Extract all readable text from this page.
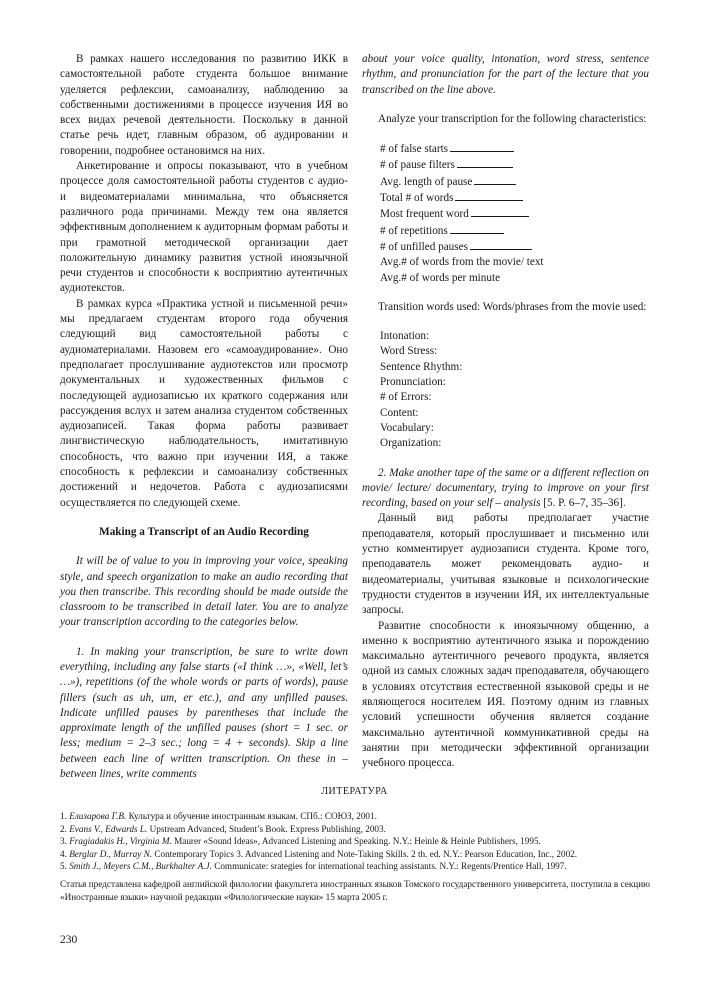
В рамках нашего исследования по развитию ИКК в самостоятельной работе студента большое внимание уделяется рефлексии, самоанализу, наблюдению за собственными достижениями в процессе изучения ИЯ во всех видах речевой деятельности. Поскольку в данной статье речь идет, главным образом, об аудировании и говорении, подробнее остановимся на них.

Анкетирование и опросы показывают, что в учебном процессе доля самостоятельной работы студентов с аудио- и видеоматериалами минимальна, что объясняется различного рода причинами. Между тем она является эффективным дополнением к аудиторным формам работы и при грамотной методической организации дает положительную динамику развития устной иноязычной речи студентов и способности к восприятию аутентичных аудиотекстов.

В рамках курса «Практика устной и письменной речи» мы предлагаем студентам второго года обучения следующий вид самостоятельной работы с аудиоматериалами. Назовем его «самоаудирование». Оно предполагает прослушивание аудиотекстов или просмотр документальных и художественных фильмов с последующей аудиозаписью их краткого содержания или рассуждения вслух и затем анализа студентом собственных аудиозаписей. Такая форма работы развивает лингвистическую наблюдательность, имитативную способность, что важно при изучении ИЯ, а также способность к рефлексии и самоанализу собственных достижений и недочетов. Работа с аудиозаписями осуществляется по следующей схеме.

Making a Transcript of an Audio Recording

It will be of value to you in improving your voice, speaking style, and speech organization to make an audio recording that you then transcribe. This recording should be made outside the classroom to be transcribed in detail later. You are to analyze your transcription according to the categories below.

1. In making your transcription, be sure to write down everything, including any false starts («I think …», «Well, let’s …»), repetitions (of the whole words or parts of words), pause fillers (such as uh, um, er etc.), and any unfilled pauses. Indicate unfilled pauses by parentheses that include the approximate length of the unfilled pauses (short = 1 sec. or less; medium = 2–3 sec.; long = 4 + seconds). Skip a line between each line of written transcription. On these in – between lines, write comments

about your voice quality, intonation, word stress, sentence rhythm, and pronunciation for the part of the lecture that you transcribed on the line above.

Analyze your transcription for the following characteristics:

# of false starts

# of pause filters

Avg. length of pause

Total # of words

Most frequent word

# of repetitions

# of unfilled pauses

Avg.# of words from the movie/ text

Avg.# of words per minute

Transition words used: Words/phrases from the movie used:

Intonation:

Word Stress:

Sentence Rhythm:

Pronunciation:

# of Errors:

Content:

Vocabulary:

Organization:

2. Make another tape of the same or a different reflection on movie/ lecture/ documentary, trying to improve on your first recording, based on your self – analysis [5. P. 6–7, 35–36].

Данный вид работы предполагает участие преподавателя, который прослушивает и письменно или устно комментирует аудиозаписи студента. Кроме того, преподаватель может рекомендовать аудио- и видеоматериалы, учитывая языковые и психологические трудности студентов в изучении ИЯ, их интеллектуальные запросы.

Развитие способности к иноязычному общению, а именно к восприятию аутентичного языка и порождению максимально аутентичного речевого продукта, является одной из самых сложных задач преподавателя, обучающего в условиях отсутствия естественной языковой среды и не являющегося носителем ИЯ. Поэтому одним из главных условий успешности обучения является создание максимально аутентичной коммуникативной среды на занятии при методически эффективной организации учебного процесса.

ЛИТЕРАТУРА

1. Елизарова Г.В. Культура и обучение иностранным языкам. СПб.: СОЮЗ, 2001.

2. Evans V., Edwards L. Upstream Advanced, Student’s Book. Express Publishing, 2003.

3. Fragiadakis H., Virginia M. Maurer «Sound Ideas», Advanced Listening and Speaking. N.Y.: Heinle & Heinle Publishers, 1995.

4. Berglar D., Murray N. Contemporary Topics 3. Advanced Listening and Note-Taking Skills. 2 th. ed. N.Y.: Pearson Education, Inc., 2002.

5. Smith J., Meyers C.M., Burkhalter A.J. Communicate: srategies for international teaching assistants. N.Y.: Regents/Prentice Hall, 1997.

Статья представлена кафедрой английской филологии факультета иностранных языков Томского государственного университета, поступила в секцию «Иностранные языки» научной редакции «Филологические науки» 15 марта 2005 г.
230
